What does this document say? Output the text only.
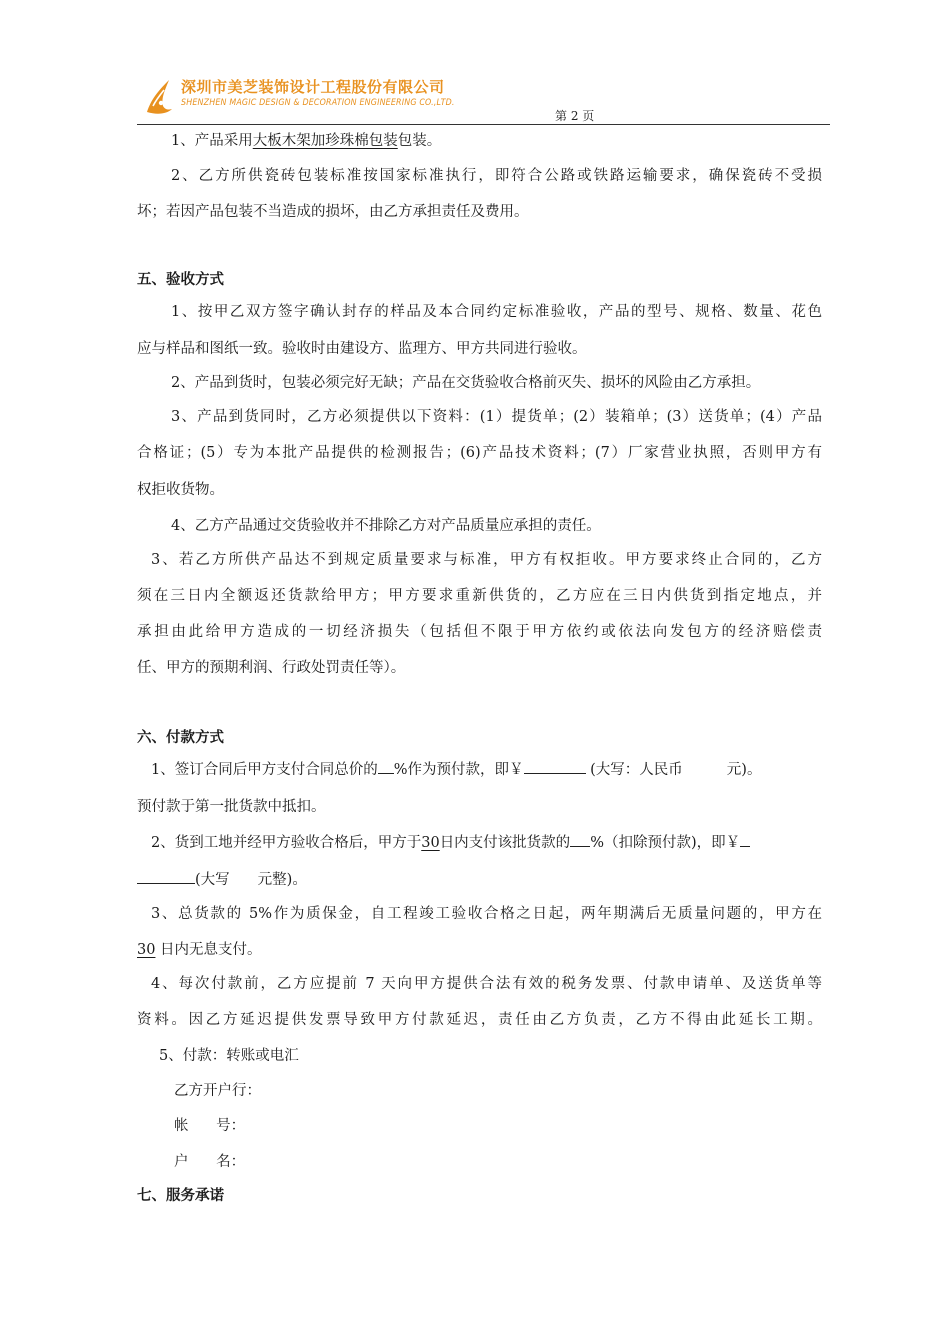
深圳市美芝装饰设计工程股份有限公司
SHENZHEN MAGIC DESIGN & DECORATION ENGINEERING CO.,LTD.
第 2 页

1、产品采用大板木架加珍珠棉包装包装。

2、乙方所供瓷砖包装标准按国家标准执行，即符合公路或铁路运输要求，确保瓷砖不受损

坏；若因产品包装不当造成的损坏，由乙方承担责任及费用。

五、验收方式

1、按甲乙双方签字确认封存的样品及本合同约定标准验收，产品的型号、规格、数量、花色

应与样品和图纸一致。验收时由建设方、监理方、甲方共同进行验收。

2、产品到货时，包装必须完好无缺；产品在交货验收合格前灭失、损坏的风险由乙方承担。

3、产品到货同时，乙方必须提供以下资料：(1）提货单；(2）装箱单；(3）送货单；(4）产品

合格证；(5）专为本批产品提供的检测报告；(6)产品技术资料；(7）厂家营业执照，否则甲方有

权拒收货物。

4、乙方产品通过交货验收并不排除乙方对产品质量应承担的责任。

3、若乙方所供产品达不到规定质量要求与标准，甲方有权拒收。甲方要求终止合同的，乙方

须在三日内全额返还货款给甲方；甲方要求重新供货的，乙方应在三日内供货到指定地点，并

承担由此给甲方造成的一切经济损失（包括但不限于甲方依约或依法向发包方的经济赔偿责

任、甲方的预期利润、行政处罚责任等）。

六、付款方式

1、签订合同后甲方支付合同总价的 %作为预付款，即￥	(大写：人民币	元)。

预付款于第一批货款中抵扣。

2、货到工地并经甲方验收合格后，甲方于30日内支付该批货款的 %（扣除预付款)，即￥

(大写 元整)。

3、总货款的 5%作为质保金，自工程竣工验收合格之日起，两年期满后无质量问题的，甲方在

30 日内无息支付。

4、每次付款前，乙方应提前 7 天向甲方提供合法有效的税务发票、付款申请单、及送货单等

资料。因乙方延迟提供发票导致甲方付款延迟，责任由乙方负责，乙方不得由此延长工期。

5、付款：转账或电汇

乙方开户行：

帐      号：

户      名：

七、服务承诺
